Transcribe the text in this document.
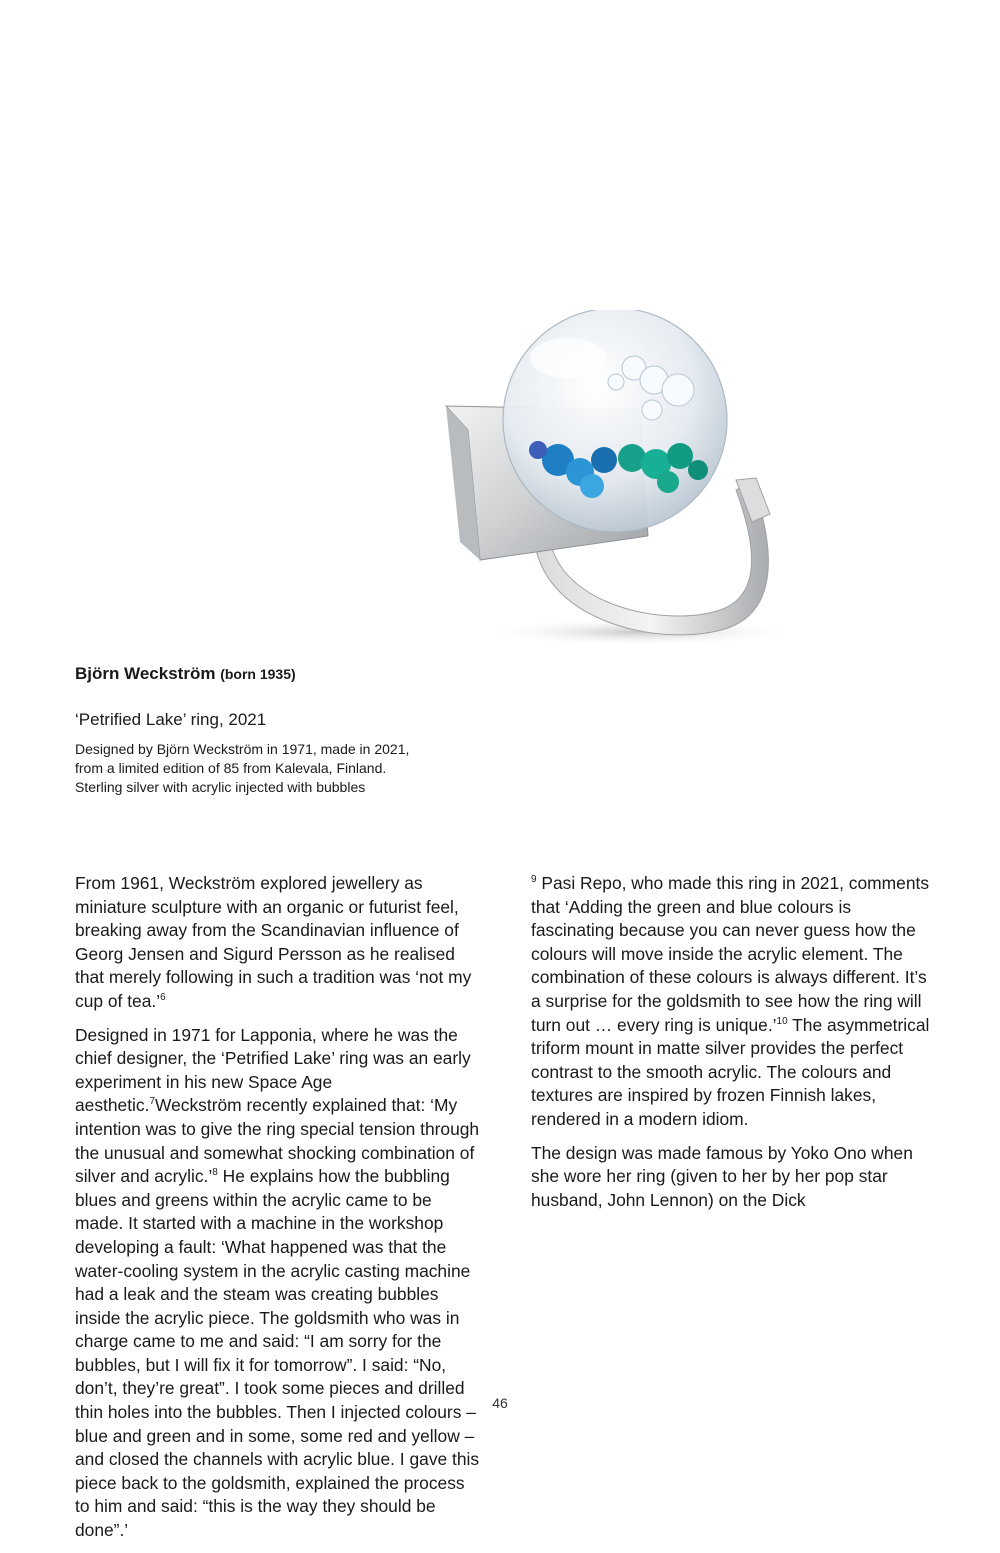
Björn Weckström (born 1935)

‘Petrified Lake’ ring, 2021

Designed by Björn Weckström in 1971, made in 2021,
from a limited edition of 85 from Kalevala, Finland.
Sterling silver with acrylic injected with bubbles

From 1961, Weckström explored jewellery as miniature sculpture with an organic or futurist feel, breaking away from the Scandinavian influence of Georg Jensen and Sigurd Persson as he realised that merely following in such a tradition was ‘not my cup of tea.’$^6$

Designed in 1971 for Lapponia, where he was the chief designer, the ‘Petrified Lake’ ring was an early experiment in his new Space Age aesthetic.$^7$Weckström recently explained that: ‘My intention was to give the ring special tension through the unusual and somewhat shocking combination of silver and acrylic.’$^8$ He explains how the bubbling blues and greens within the acrylic came to be made. It started with a machine in the workshop developing a fault: ‘What happened was that the water-cooling system in the acrylic casting machine had a leak and the steam was creating bubbles inside the acrylic piece. The goldsmith who was in charge came to me and said: “I am sorry for the bubbles, but I will fix it for tomorrow”. I said: “No, don’t, they’re great”. I took some pieces and drilled thin holes into the bubbles. Then I injected colours – blue and green and in some, some red and yellow – and closed the channels with acrylic blue. I gave this piece back to the goldsmith, explained the process to him and said: “this is the way they should be done”.’

$^9$ Pasi Repo, who made this ring in 2021, comments that ‘Adding the green and blue colours is fascinating because you can never guess how the colours will move inside the acrylic element. The combination of these colours is always different. It’s a surprise for the goldsmith to see how the ring will turn out … every ring is unique.’$^{10}$ The asymmetrical triform mount in matte silver provides the perfect contrast to the smooth acrylic. The colours and textures are inspired by frozen Finnish lakes, rendered in a modern idiom.

The design was made famous by Yoko Ono when she wore her ring (given to her by her pop star husband, John Lennon) on the Dick

46
